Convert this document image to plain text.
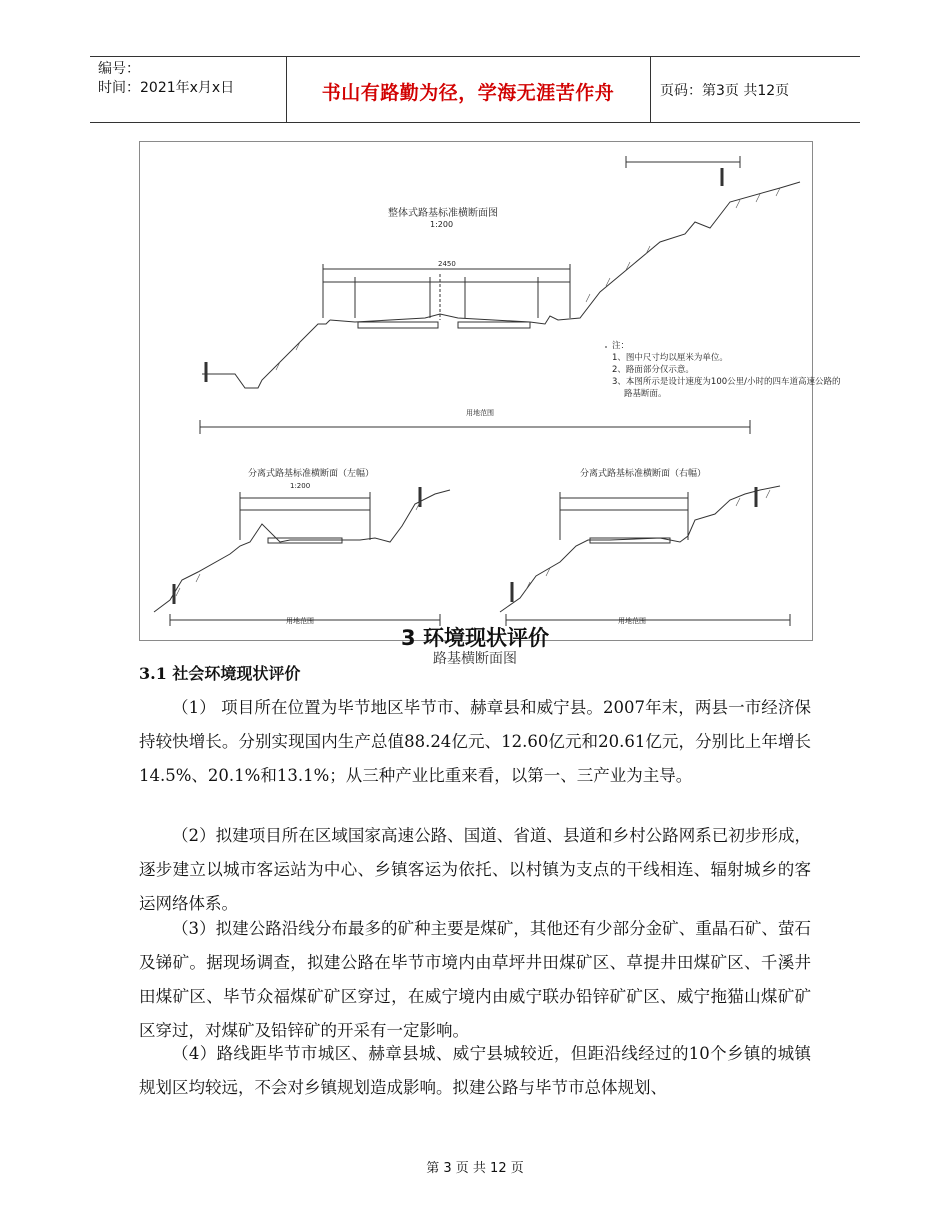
编号：
时间：2021年x月x日	书山有路勤为径，学海无涯苦作舟	页码：第3页 共12页
整体式路基标准横断面图
1:200
2450
用地范围
注：
1、图中尺寸均以厘米为单位。
2、路面部分仅示意。
3、本图所示是设计速度为100公里/小时的四车道高速公路的
路基断面。
分离式路基标准横断面（左幅）
1:200
用地范围
分离式路基标准横断面（右幅）
用地范围
3 环境现状评价
路基横断面图
3.1 社会环境现状评价
（1） 项目所在位置为毕节地区毕节市、赫章县和威宁县。2007年末，两县一市经济保持较快增长。分别实现国内生产总值88.24亿元、12.60亿元和20.61亿元，分别比上年增长14.5%、20.1%和13.1%；从三种产业比重来看，以第一、三产业为主导。
（2）拟建项目所在区域国家高速公路、国道、省道、县道和乡村公路网系已初步形成，逐步建立以城市客运站为中心、乡镇客运为依托、以村镇为支点的干线相连、辐射城乡的客运网络体系。
（3）拟建公路沿线分布最多的矿种主要是煤矿，其他还有少部分金矿、重晶石矿、萤石及锑矿。据现场调查，拟建公路在毕节市境内由草坪井田煤矿区、草提井田煤矿区、千溪井田煤矿区、毕节众福煤矿矿区穿过，在威宁境内由威宁联办铅锌矿矿区、威宁拖猫山煤矿矿区穿过，对煤矿及铅锌矿的开采有一定影响。
（4）路线距毕节市城区、赫章县城、威宁县城较近，但距沿线经过的10个乡镇的城镇规划区均较远，不会对乡镇规划造成影响。拟建公路与毕节市总体规划、
第 3 页 共 12 页
